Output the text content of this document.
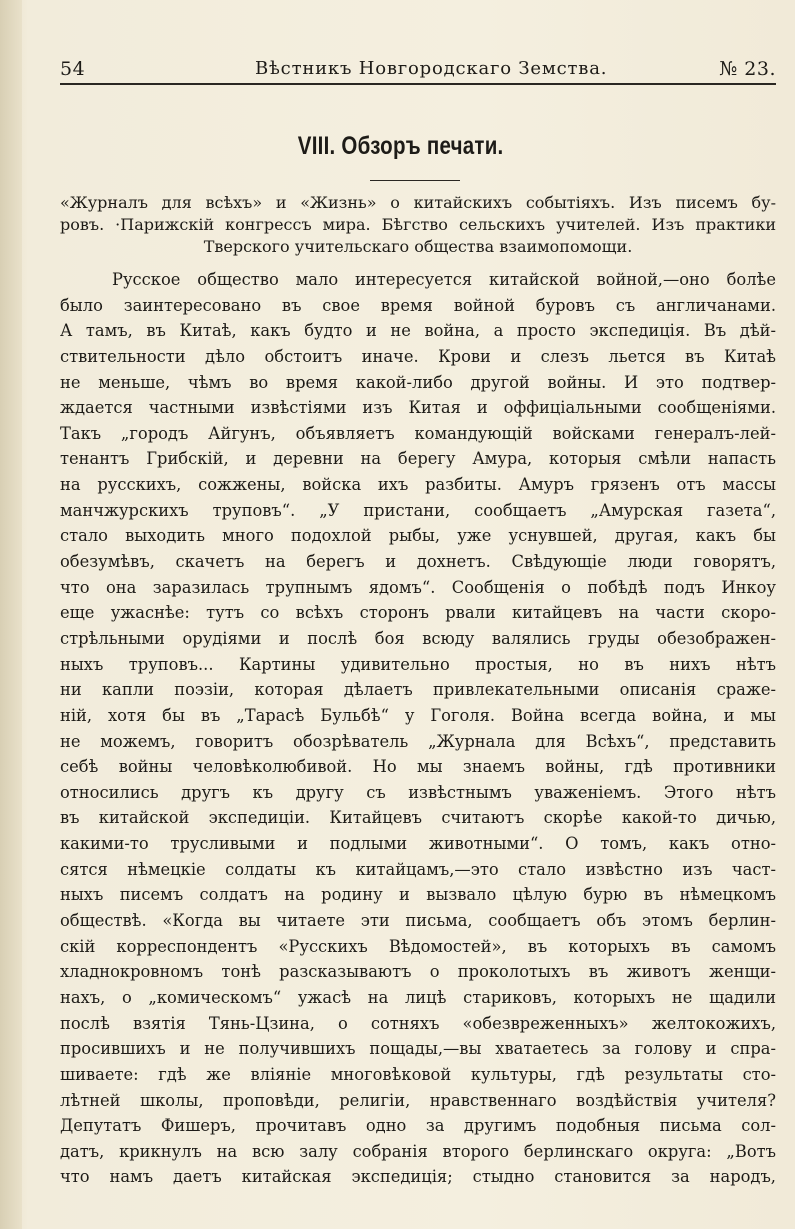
54	Вѣстникъ Новгородскаго Земства.	№ 23.
VIII. Обзоръ печати.
«Журналъ для всѣхъ» и «Жизнь» о китайскихъ событіяхъ. Изъ писемъ бу-
ровъ. ·Парижскій конгрессъ мира. Бѣгство сельскихъ учителей. Изъ практики
Тверского учительскаго общества взаимопомощи.
Русское общество мало интересуется китайской войной,—оно болѣе
было заинтересовано въ свое время войной буровъ съ англичанами.
А тамъ, въ Китаѣ, какъ будто и не война, а просто экспедиція. Въ дѣй-
ствительности дѣло обстоитъ иначе. Крови и слезъ льется въ Китаѣ
не меньше, чѣмъ во время какой-либо другой войны. И это подтвер-
ждается частными извѣстіями изъ Китая и оффиціальными сообщеніями.
Такъ „городъ Айгунъ, объявляетъ командующій войсками генералъ-лей-
тенантъ Грибскій, и деревни на берегу Амура, которыя смѣли напасть
на русскихъ, сожжены, войска ихъ разбиты. Амуръ грязенъ отъ массы
манчжурскихъ труповъ“. „У пристани, сообщаетъ „Амурская газета“,
стало выходить много подохлой рыбы, уже уснувшей, другая, какъ бы
обезумѣвъ, скачетъ на берегъ и дохнетъ. Свѣдующіе люди говорятъ,
что она заразилась трупнымъ ядомъ“. Сообщенія о побѣдѣ подъ Инкоу
еще ужаснѣе: тутъ со всѣхъ сторонъ рвали китайцевъ на части скоро-
стрѣльными орудіями и послѣ боя всюду валялись груды обезображен-
ныхъ труповъ... Картины удивительно простыя, но въ нихъ нѣтъ
ни капли поэзіи, которая дѣлаетъ привлекательными описанія сраже-
ній, хотя бы въ „Тарасѣ Бульбѣ“ у Гоголя. Война всегда война, и мы
не можемъ, говоритъ обозрѣватель „Журнала для Всѣхъ“, представить
себѣ войны человѣколюбивой. Но мы знаемъ войны, гдѣ противники
относились другъ къ другу съ извѣстнымъ уваженіемъ. Этого нѣтъ
въ китайской экспедиціи. Китайцевъ считаютъ скорѣе какой-то дичью,
какими-то трусливыми и подлыми животными“. О томъ, какъ отно-
сятся нѣмецкіе солдаты къ китайцамъ,—это стало извѣстно изъ част-
ныхъ писемъ солдатъ на родину и вызвало цѣлую бурю въ нѣмецкомъ
обществѣ. «Когда вы читаете эти письма, сообщаетъ объ этомъ берлин-
скій корреспондентъ «Русскихъ Вѣдомостей», въ которыхъ въ самомъ
хладнокровномъ тонѣ разсказываютъ о проколотыхъ въ животъ женщи-
нахъ, о „комическомъ“ ужасѣ на лицѣ стариковъ, которыхъ не щадили
послѣ взятія Тянь-Цзина, о сотняхъ «обезвреженныхъ» желтокожихъ,
просившихъ и не получившихъ пощады,—вы хватаетесь за голову и спра-
шиваете: гдѣ же вліяніе многовѣковой культуры, гдѣ результаты сто-
лѣтней школы, проповѣди, религіи, нравственнаго воздѣйствія учителя?
Депутатъ Фишеръ, прочитавъ одно за другимъ подобныя письма сол-
датъ, крикнулъ на всю залу собранія второго берлинскаго округа: „Вотъ
что намъ даетъ китайская экспедиція; стыдно становится за народъ,
